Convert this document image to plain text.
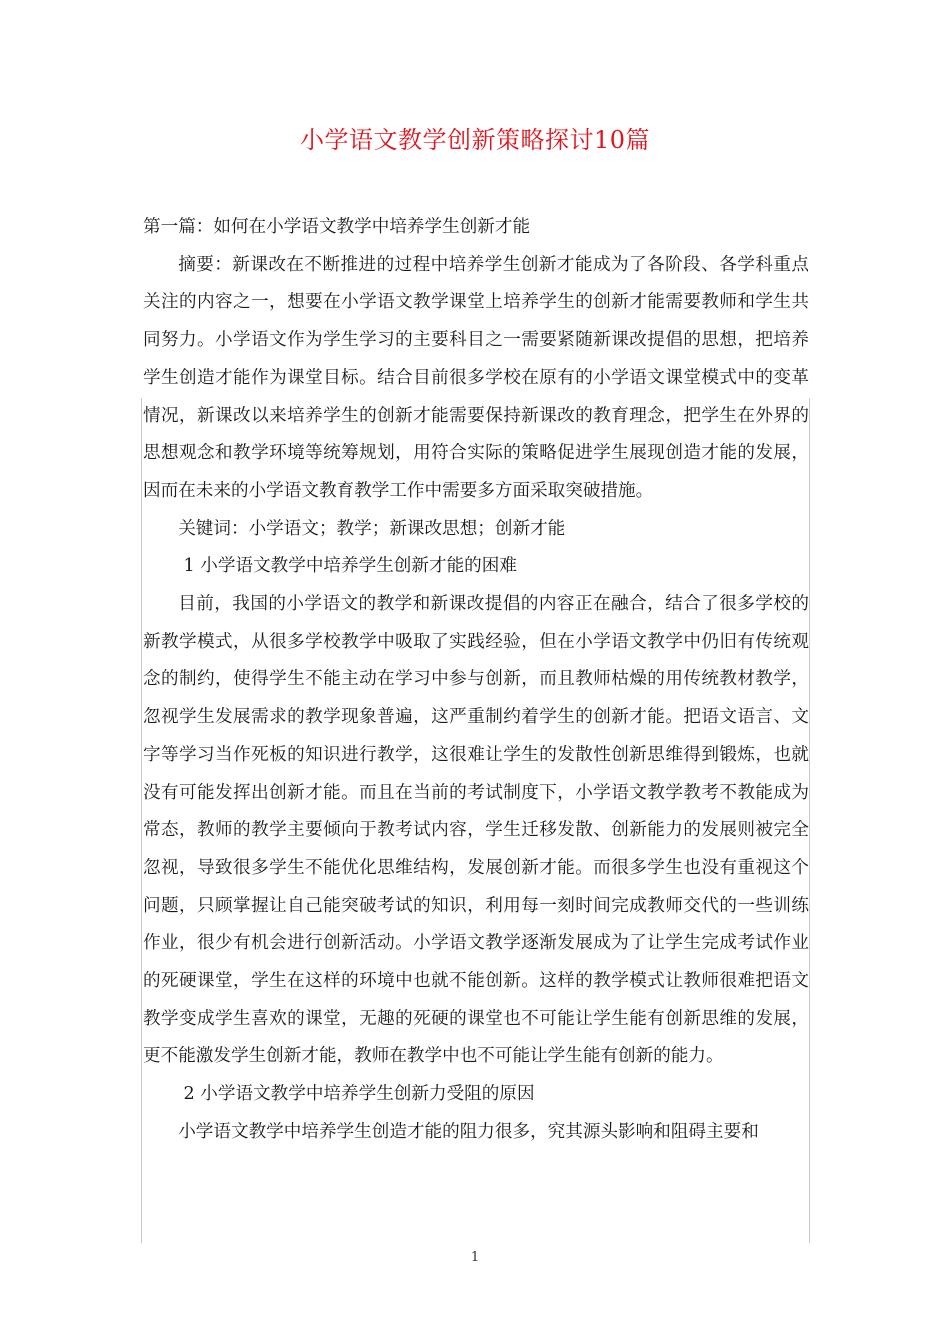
小学语文教学创新策略探讨10篇

第一篇：如何在小学语文教学中培养学生创新才能

摘要：新课改在不断推进的过程中培养学生创新才能成为了各阶段、各学科重点关注的内容之一，想要在小学语文教学课堂上培养学生的创新才能需要教师和学生共同努力。小学语文作为学生学习的主要科目之一需要紧随新课改提倡的思想，把培养学生创造才能作为课堂目标。结合目前很多学校在原有的小学语文课堂模式中的变革情况，新课改以来培养学生的创新才能需要保持新课改的教育理念，把学生在外界的思想观念和教学环境等统筹规划，用符合实际的策略促进学生展现创造才能的发展，因而在未来的小学语文教育教学工作中需要多方面采取突破措施。

关键词：小学语文；教学；新课改思想；创新才能

1 小学语文教学中培养学生创新才能的困难

目前，我国的小学语文的教学和新课改提倡的内容正在融合，结合了很多学校的新教学模式，从很多学校教学中吸取了实践经验，但在小学语文教学中仍旧有传统观念的制约，使得学生不能主动在学习中参与创新，而且教师枯燥的用传统教材教学，忽视学生发展需求的教学现象普遍，这严重制约着学生的创新才能。把语文语言、文字等学习当作死板的知识进行教学，这很难让学生的发散性创新思维得到锻炼，也就没有可能发挥出创新才能。而且在当前的考试制度下，小学语文教学教考不教能成为常态，教师的教学主要倾向于教考试内容，学生迁移发散、创新能力的发展则被完全忽视，导致很多学生不能优化思维结构，发展创新才能。而很多学生也没有重视这个问题，只顾掌握让自己能突破考试的知识，利用每一刻时间完成教师交代的一些训练作业，很少有机会进行创新活动。小学语文教学逐渐发展成为了让学生完成考试作业的死硬课堂，学生在这样的环境中也就不能创新。这样的教学模式让教师很难把语文教学变成学生喜欢的课堂，无趣的死硬的课堂也不可能让学生能有创新思维的发展，更不能激发学生创新才能，教师在教学中也不可能让学生能有创新的能力。

2 小学语文教学中培养学生创新力受阻的原因

小学语文教学中培养学生创造才能的阻力很多，究其源头影响和阻碍主要和

1
